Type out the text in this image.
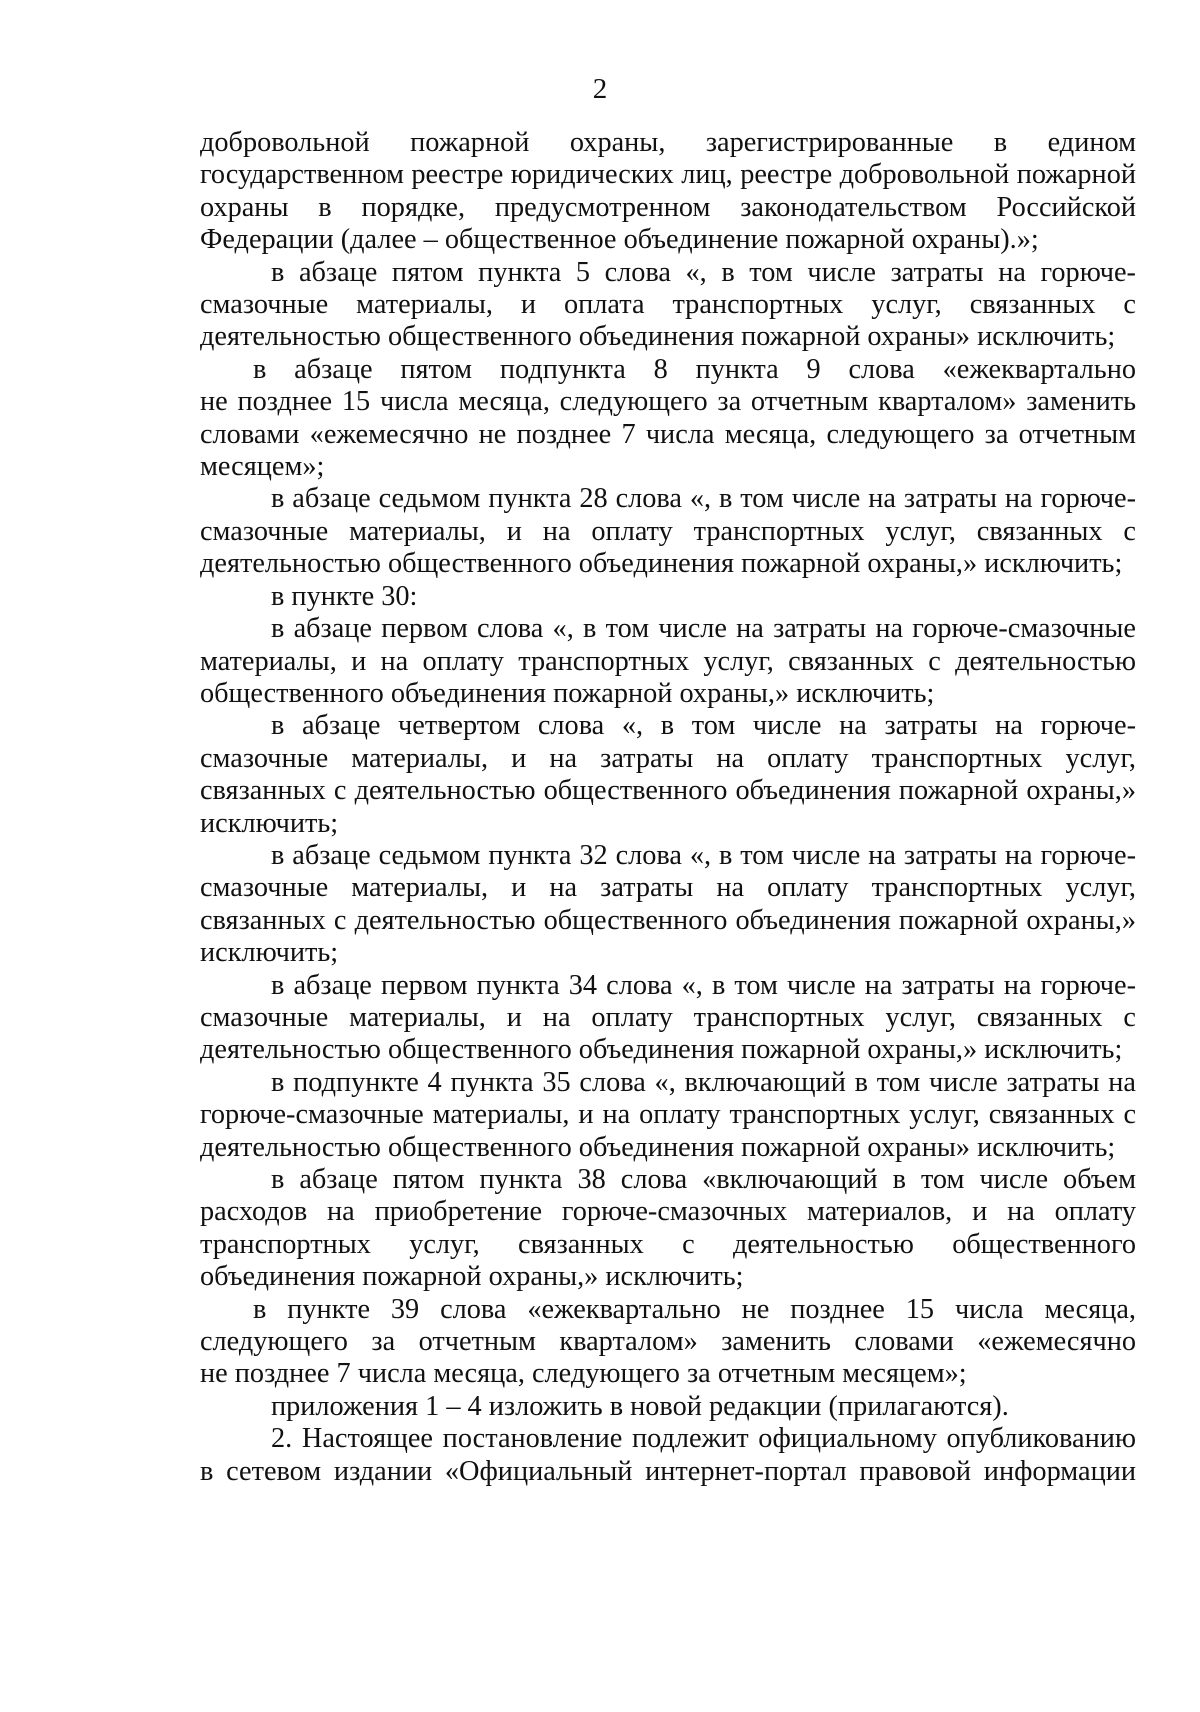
2
добровольной пожарной охраны, зарегистрированные в едином
государственном реестре юридических лиц, реестре добровольной пожарной
охраны в порядке, предусмотренном законодательством Российской
Федерации (далее – общественное объединение пожарной охраны).»;
в абзаце пятом пункта 5 слова «, в том числе затраты на горюче-
смазочные материалы, и оплата транспортных услуг, связанных с
деятельностью общественного объединения пожарной охраны» исключить;
в абзаце пятом подпункта 8 пункта 9 слова «ежеквартально
не позднее 15 числа месяца, следующего за отчетным кварталом» заменить
словами «ежемесячно не позднее 7 числа месяца, следующего за отчетным
месяцем»;
в абзаце седьмом пункта 28 слова «, в том числе на затраты на горюче-
смазочные материалы, и на оплату транспортных услуг, связанных с
деятельностью общественного объединения пожарной охраны,» исключить;
в пункте 30:
в абзаце первом слова «, в том числе на затраты на горюче-смазочные
материалы, и на оплату транспортных услуг, связанных с деятельностью
общественного объединения пожарной охраны,» исключить;
в абзаце четвертом слова «, в том числе на затраты на горюче-
смазочные материалы, и на затраты на оплату транспортных услуг,
связанных с деятельностью общественного объединения пожарной охраны,»
исключить;
в абзаце седьмом пункта 32 слова «, в том числе на затраты на горюче-
смазочные материалы, и на затраты на оплату транспортных услуг,
связанных с деятельностью общественного объединения пожарной охраны,»
исключить;
в абзаце первом пункта 34 слова «, в том числе на затраты на горюче-
смазочные материалы, и на оплату транспортных услуг, связанных с
деятельностью общественного объединения пожарной охраны,» исключить;
в подпункте 4 пункта 35 слова «, включающий в том числе затраты на
горюче-смазочные материалы, и на оплату транспортных услуг, связанных с
деятельностью общественного объединения пожарной охраны» исключить;
в абзаце пятом пункта 38 слова «включающий в том числе объем
расходов на приобретение горюче-смазочных материалов, и на оплату
транспортных услуг, связанных с деятельностью общественного
объединения пожарной охраны,» исключить;
в пункте 39 слова «ежеквартально не позднее 15 числа месяца,
следующего за отчетным кварталом» заменить словами «ежемесячно
не позднее 7 числа месяца, следующего за отчетным месяцем»;
приложения 1 – 4 изложить в новой редакции (прилагаются).
2. Настоящее постановление подлежит официальному опубликованию
в сетевом издании «Официальный интернет-портал правовой информации
